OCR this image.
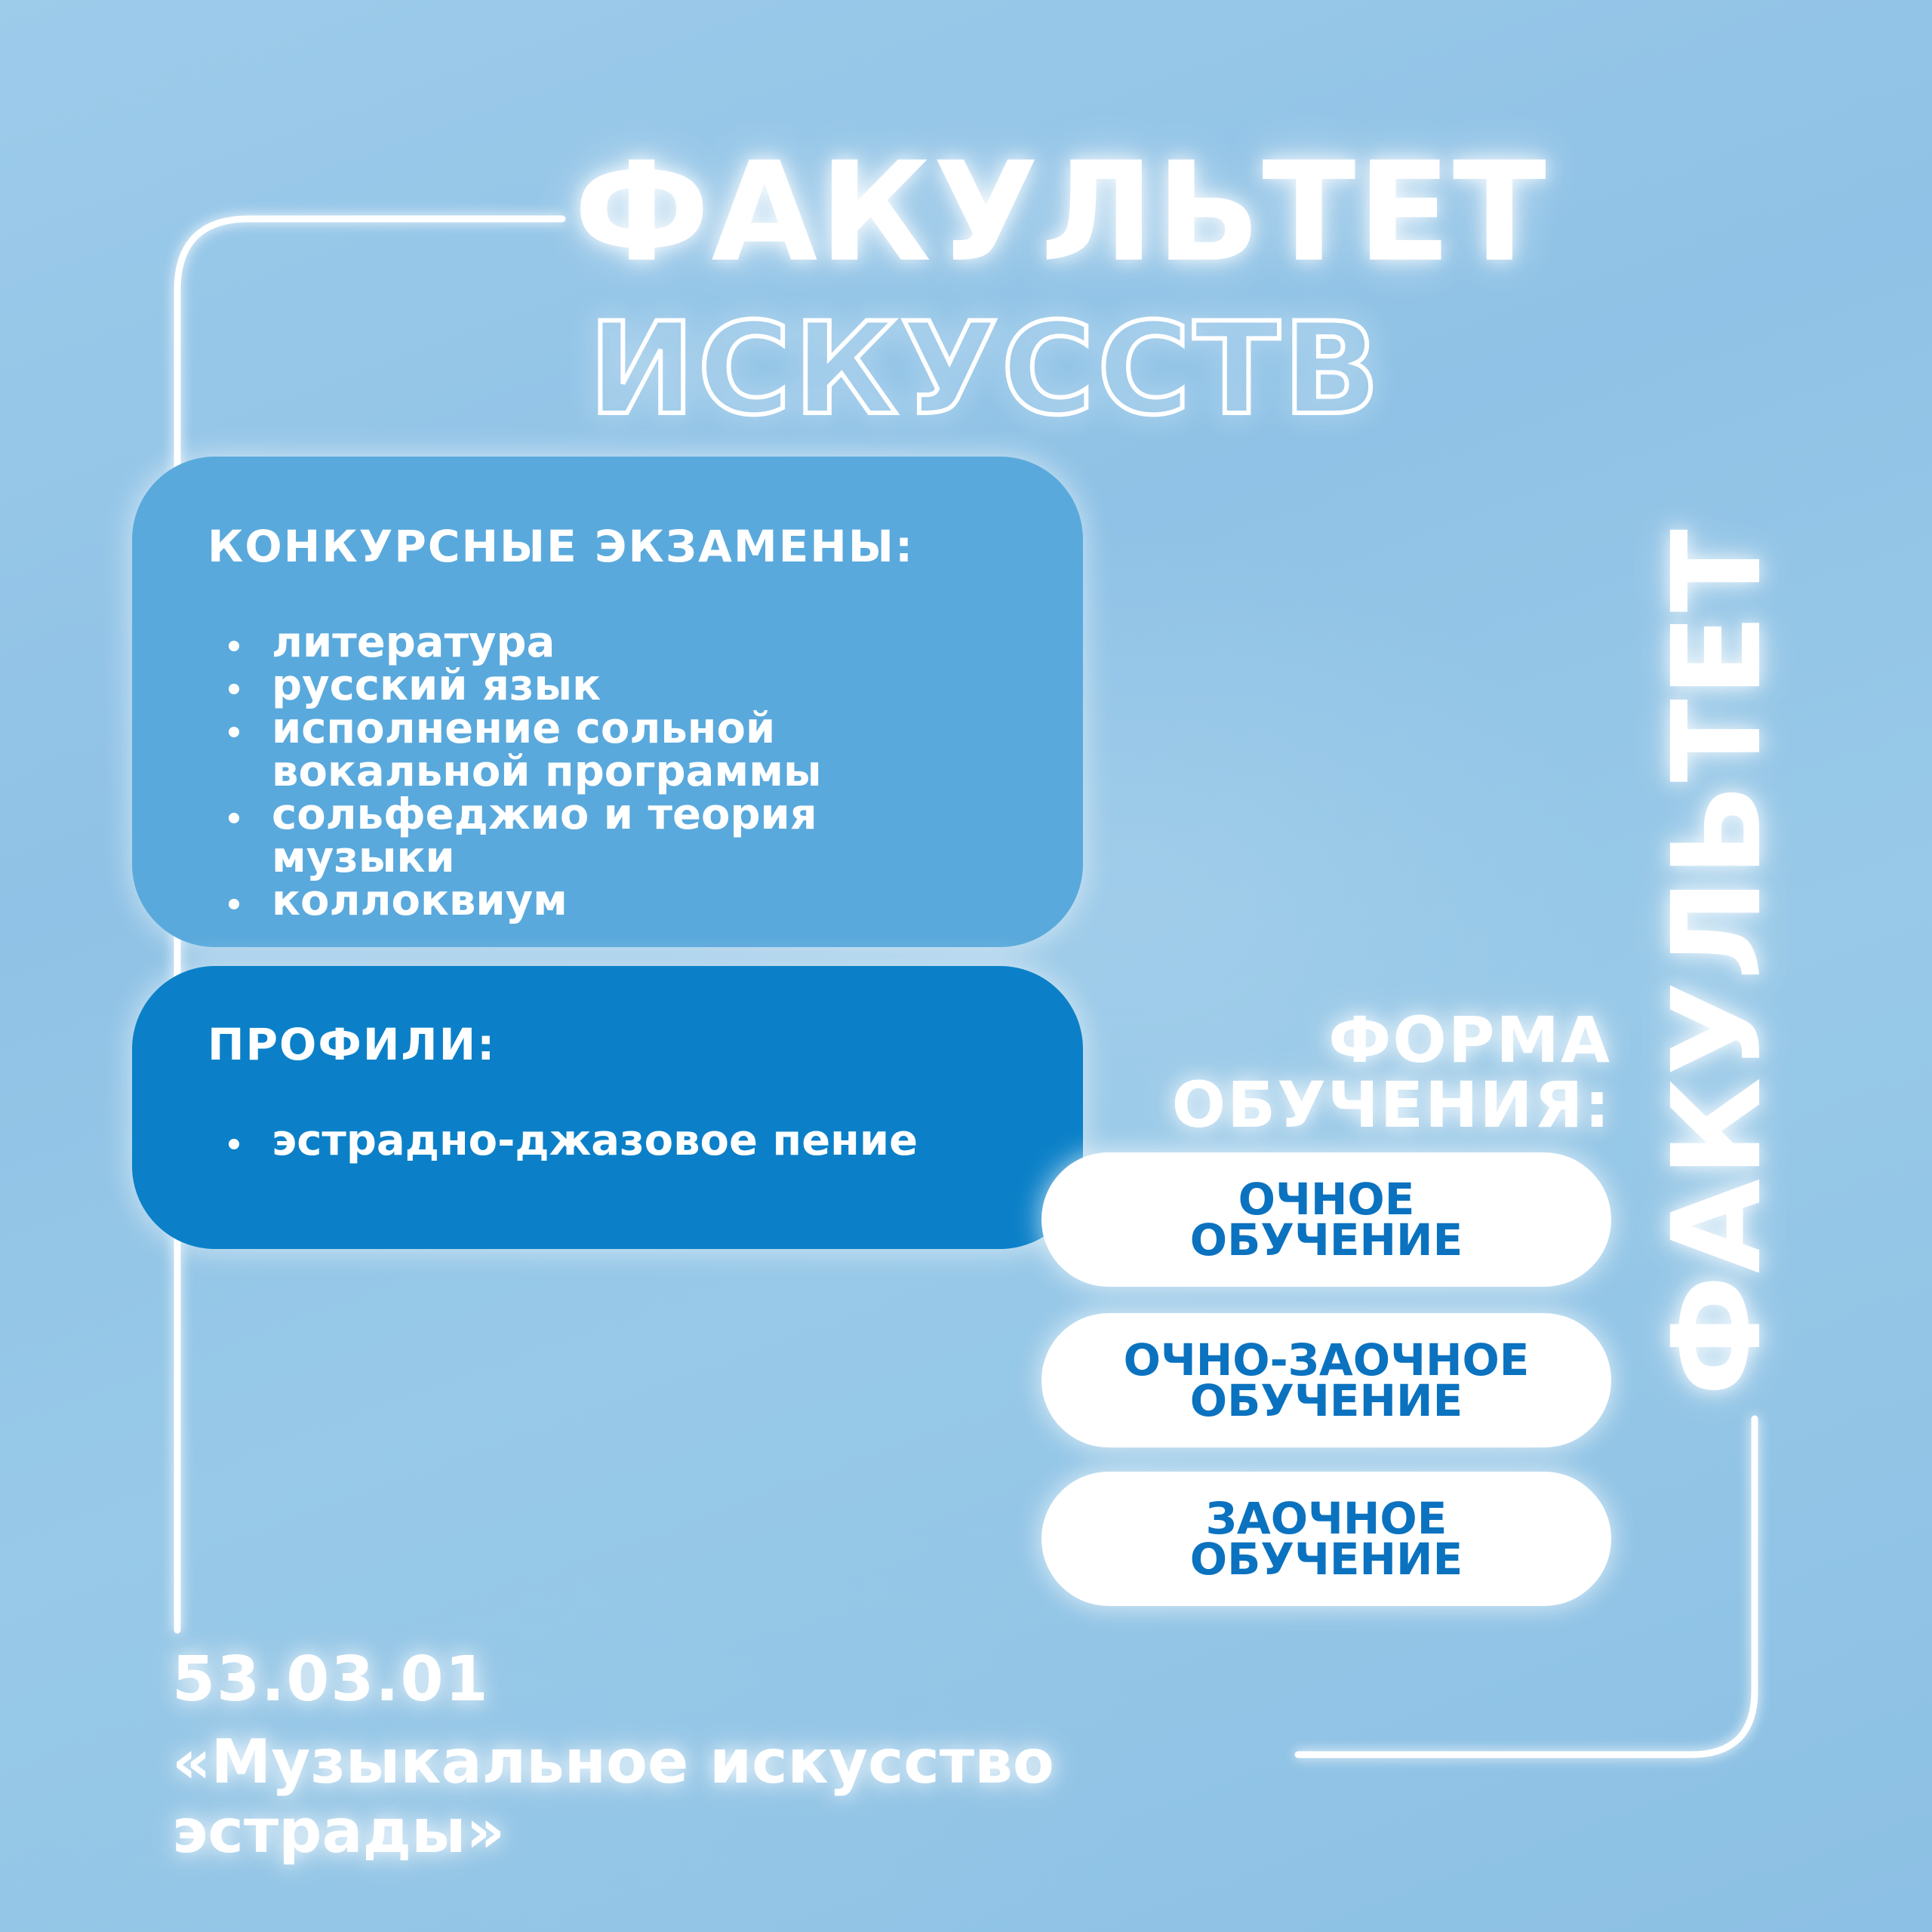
ФАКУЛЬТЕТ
ИСКУССТВ
ФАКУЛЬТЕТ
КОНКУРСНЫЕ ЭКЗАМЕНЫ:
литература
русский язык
исполнение сольной вокальной программы
сольфеджио и теория музыки
коллоквиум
ПРОФИЛИ:
эстрадно-джазовое пение
ФОРМА
ОБУЧЕНИЯ:
ОЧНОЕ
ОБУЧЕНИЕ
ОЧНО-ЗАОЧНОЕ
ОБУЧЕНИЕ
ЗАОЧНОЕ
ОБУЧЕНИЕ
53.03.01
«Музыкальное искусство эстрады»
